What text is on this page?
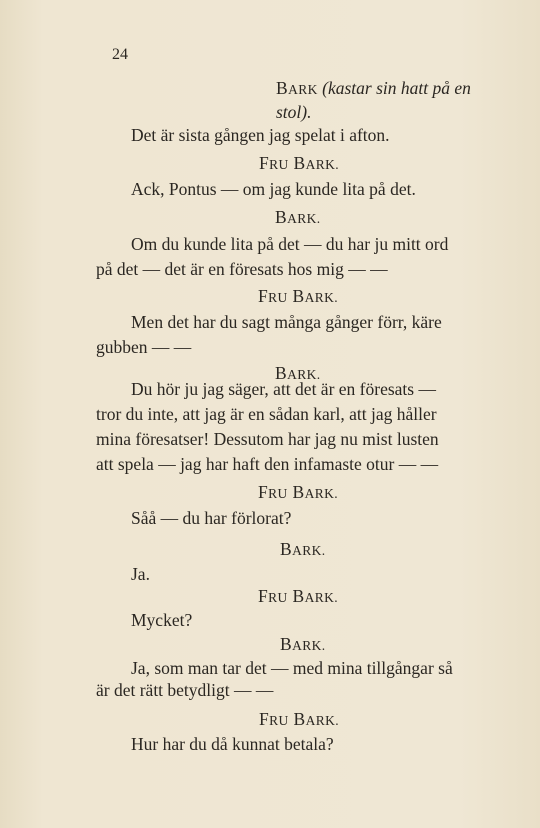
24
BARK (kastar sin hatt på en
stol).
Det är sista gången jag spelat i afton.
FRU BARK.
Ack, Pontus — om jag kunde lita på det.
BARK.
Om du kunde lita på det — du har ju mitt ord
på det — det är en föresats hos mig — —
FRU BARK.
Men det har du sagt många gånger förr, käre
gubben — —
BARK.
Du hör ju jag säger, att det är en föresats —
tror du inte, att jag är en sådan karl, att jag håller
mina föresatser! Dessutom har jag nu mist lusten
att spela — jag har haft den infamaste otur — —
FRU BARK.
Såå — du har förlorat?
BARK.
Ja.
FRU BARK.
Mycket?
BARK.
Ja, som man tar det — med mina tillgångar så
är det rätt betydligt — —
FRU BARK.
Hur har du då kunnat betala?
